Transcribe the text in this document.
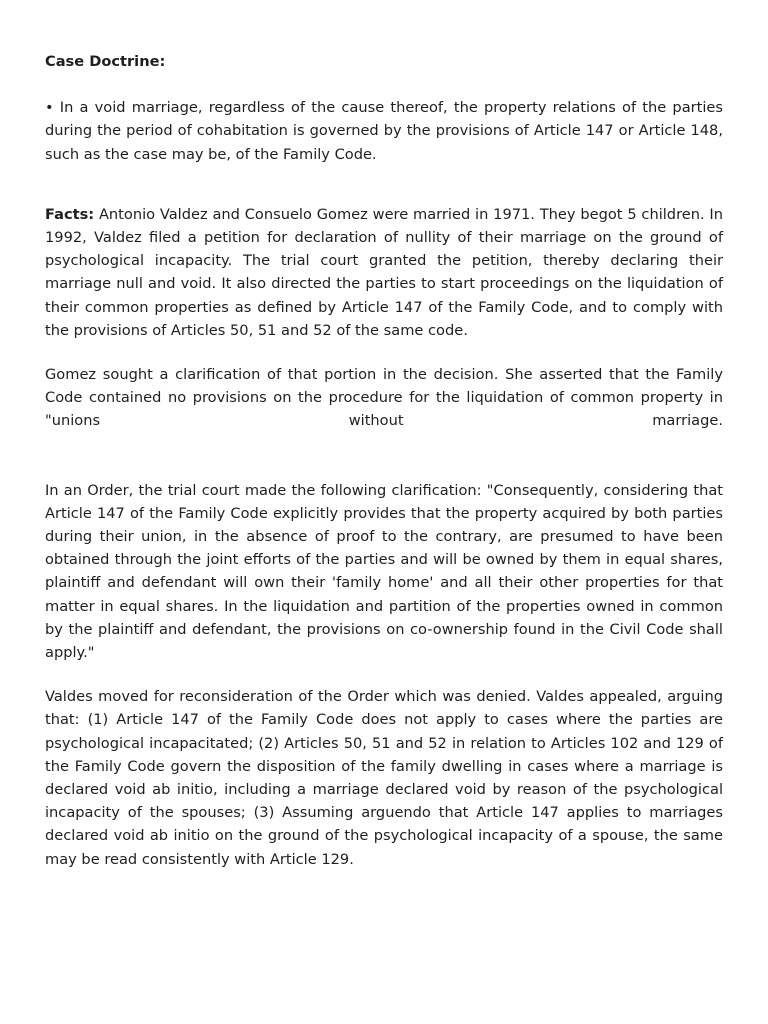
Case Doctrine:

• In a void marriage, regardless of the cause thereof, the property relations of the parties during the period of cohabitation is governed by the provisions of Article 147 or Article 148, such as the case may be, of the Family Code.

Facts: Antonio Valdez and Consuelo Gomez were married in 1971. They begot 5 children. In 1992, Valdez filed a petition for declaration of nullity of their marriage on the ground of psychological incapacity. The trial court granted the petition, thereby declaring their marriage null and void. It also directed the parties to start proceedings on the liquidation of their common properties as defined by Article 147 of the Family Code, and to comply with the provisions of Articles 50, 51 and 52 of the same code.

Gomez sought a clarification of that portion in the decision. She asserted that the Family Code contained no provisions on the procedure for the liquidation of common property in "unions without marriage.

In an Order, the trial court made the following clarification: "Consequently, considering that Article 147 of the Family Code explicitly provides that the property acquired by both parties during their union, in the absence of proof to the contrary, are presumed to have been obtained through the joint efforts of the parties and will be owned by them in equal shares, plaintiff and defendant will own their 'family home' and all their other properties for that matter in equal shares. In the liquidation and partition of the properties owned in common by the plaintiff and defendant, the provisions on co-ownership found in the Civil Code shall apply."

Valdes moved for reconsideration of the Order which was denied. Valdes appealed, arguing that: (1) Article 147 of the Family Code does not apply to cases where the parties are psychological incapacitated; (2) Articles 50, 51 and 52 in relation to Articles 102 and 129 of the Family Code govern the disposition of the family dwelling in cases where a marriage is declared void ab initio, including a marriage declared void by reason of the psychological incapacity of the spouses; (3) Assuming arguendo that Article 147 applies to marriages declared void ab initio on the ground of the psychological incapacity of a spouse, the same may be read consistently with Article 129.
